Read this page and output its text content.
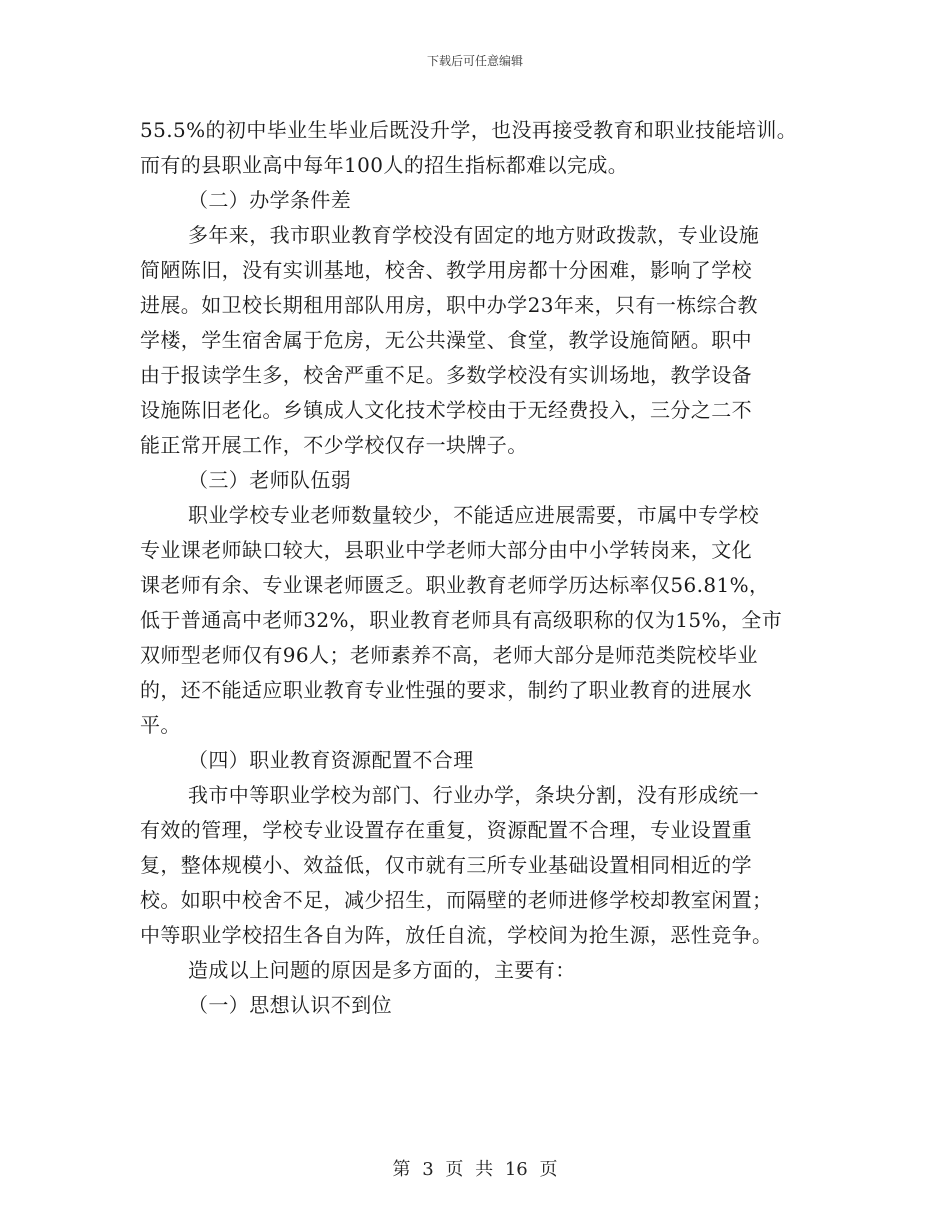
下载后可任意编辑
55.5%的初中毕业生毕业后既没升学，也没再接受教育和职业技能培训。
而有的县职业高中每年100人的招生指标都难以完成。
（二）办学条件差
多年来，我市职业教育学校没有固定的地方财政拨款，专业设施
简陋陈旧，没有实训基地，校舍、教学用房都十分困难，影响了学校
进展。如卫校长期租用部队用房，职中办学23年来，只有一栋综合教
学楼，学生宿舍属于危房，无公共澡堂、食堂，教学设施简陋。职中
由于报读学生多，校舍严重不足。多数学校没有实训场地，教学设备
设施陈旧老化。乡镇成人文化技术学校由于无经费投入，三分之二不
能正常开展工作，不少学校仅存一块牌子。
（三）老师队伍弱
职业学校专业老师数量较少，不能适应进展需要，市属中专学校
专业课老师缺口较大，县职业中学老师大部分由中小学转岗来，文化
课老师有余、专业课老师匮乏。职业教育老师学历达标率仅56.81%，
低于普通高中老师32%，职业教育老师具有高级职称的仅为15%，全市
双师型老师仅有96人；老师素养不高，老师大部分是师范类院校毕业
的，还不能适应职业教育专业性强的要求，制约了职业教育的进展水
平。
（四）职业教育资源配置不合理
我市中等职业学校为部门、行业办学，条块分割，没有形成统一
有效的管理，学校专业设置存在重复，资源配置不合理，专业设置重
复，整体规模小、效益低，仅市就有三所专业基础设置相同相近的学
校。如职中校舍不足，减少招生，而隔壁的老师进修学校却教室闲置；
中等职业学校招生各自为阵，放任自流，学校间为抢生源，恶性竞争。
造成以上问题的原因是多方面的，主要有：
（一）思想认识不到位
第 3 页 共 16 页
